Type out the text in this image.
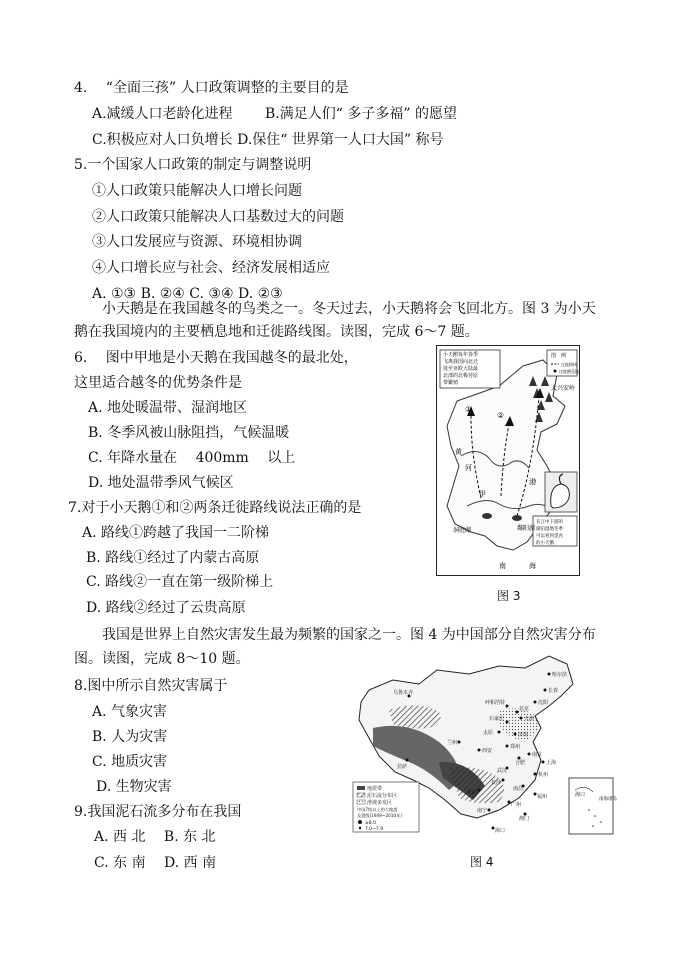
4.　 “全面三孩” 人口政策调整的主要目的是
A.减缓人口老龄化进程　　 B.满足人们“ 多子多福” 的愿望
C.积极应对人口负增长 D.保住“ 世界第一人口大国” 称号
5.一个国家人口政策的制定与调整说明
①人口政策只能解决人口增长问题
②人口政策只能解决人口基数过大的问题
③人口发展应与资源、环境相协调
④人口增长应与社会、经济发展相适应
A. ①③ B. ②④ C. ③④ D. ②③
小天鹅是在我国越冬的鸟类之一。冬天过去，小天鹅将会飞回北方。图 3 为小天
鹅在我国境内的主要栖息地和迁徙路线图。读图，完成 6～7 题。
6.　 图中甲地是小天鹅在我国越冬的最北处，
这里适合越冬的优势条件是
A. 地处暖温带、湿润地区
B. 冬季风被山脉阻挡，气候温暖
C. 年降水量在　 400mm　 以上
D. 地处温带季风气候区
7.对于小天鹅①和②两条迁徙路线说法正确的是
A. 路线①跨越了我国一二阶梯
B. 路线①经过了内蒙古高原
C. 路线②一直在第一级阶梯上
D. 路线②经过了云贵高原
小天鹅每年春季
飞离我国向北迁
徙至亚欧大陆最
北部的北极苔原
带繁殖
图　例
迁徙路线
迁徙栖息地
长江中下游的
湖泊湿地冬季
可以看到觅食
的小天鹅
①
②
大兴安岭
黄
河
甲
渤
鄱阳湖
洞庭湖
南	海
图 3
我国是世界上自然灾害发生最为频繁的国家之一。图 4 为中国部分自然灾害分布
图。读图，完成 8～10 题。
8.图中所示自然灾害属于
A. 气象灾害
B. 人为灾害
C. 地质灾害
D. 生物灾害
9.我国泥石流多分布在我国
A. 西 北　 B. 东 北
C. 东 南　 D. 西 南
哈尔滨
长春
沈阳
呼和浩特
北京
天津
石家庄
太原	济南
郑州
西安
兰州
南京
上海
合肥
武汉
杭州
长沙
南昌
福州
贵阳
广州
南宁
澳门
海口
乌鲁木齐
拉萨
地震带
泥石流分布区
滑坡多发区
中国7级以上的大地震
及震级(1949~2010年)
≥8.0
7.0~7.9
海口
南海诸岛
图 4
